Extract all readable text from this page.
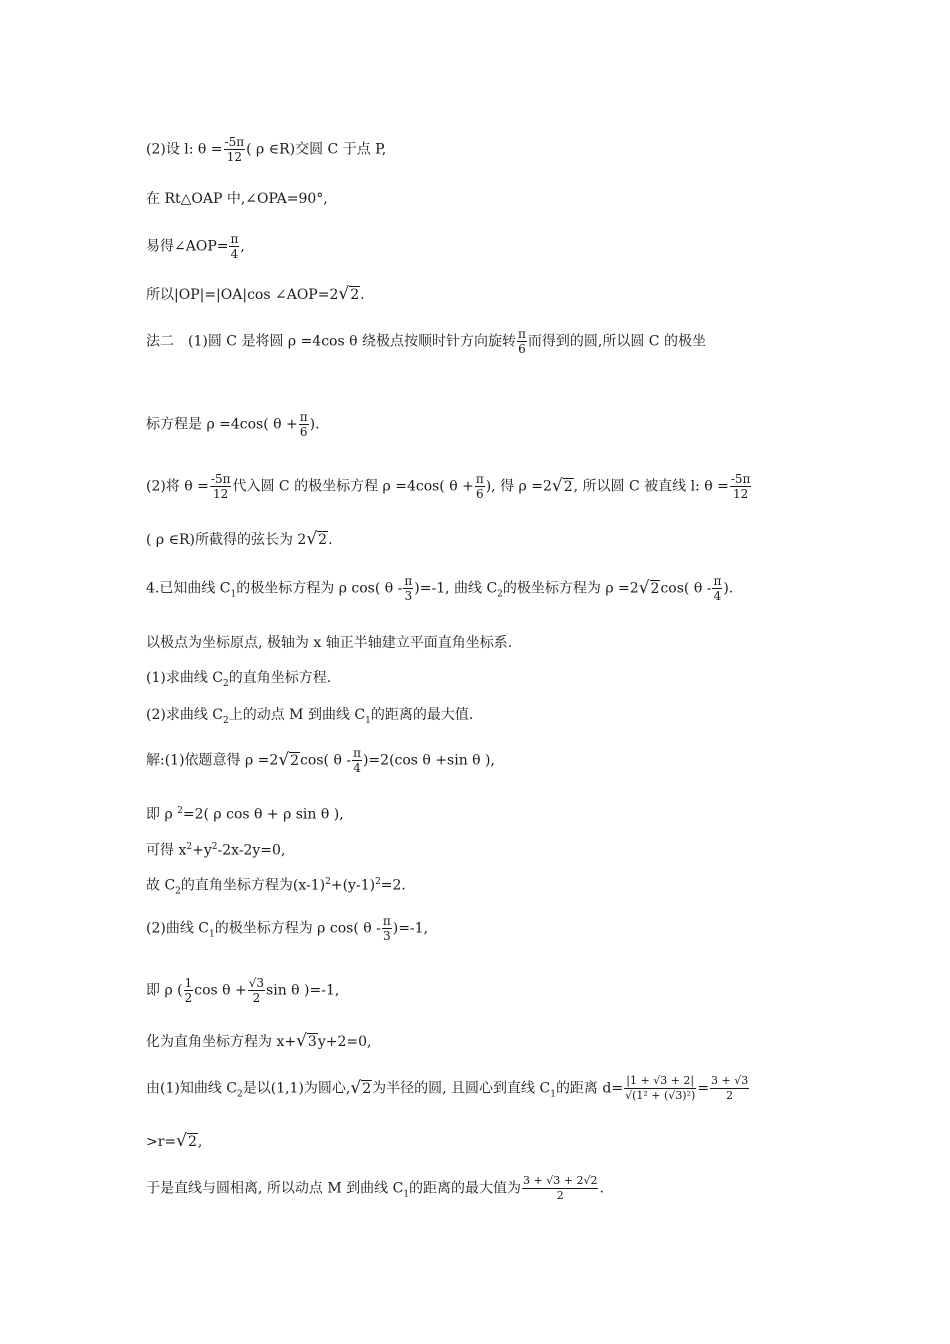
(2)设 l: $\theta = \frac{-5\pi}{12}$ ( ρ ∈R)交圆 C 于点 P,
在 Rt△OAP 中,∠OPA=90°,
易得∠AOP= $\frac{\pi}{4}$ ,
所以|OP|=|OA|cos ∠AOP=2√2.
法二　(1)圆 C 是将圆 ρ =4cos θ 绕极点按顺时针方向旋转 $\frac{\pi}{6}$ 而得到的圆,所以圆 C 的极坐
标方程是 ρ =4cos( $\theta + \frac{\pi}{6}$ ).
(2)将 $\theta = \frac{-5\pi}{12}$ 代入圆 C 的极坐标方程 ρ =4cos( $\theta + \frac{\pi}{6}$ ), 得 ρ =2√2, 所以圆 C 被直线 l: $\theta = \frac{-5\pi}{12}$
( ρ ∈R)所截得的弦长为 2√2.
4.已知曲线 $C_1$的极坐标方程为 ρ cos( $\theta - \frac{\pi}{3} )=-1$, 曲线 $C_2$的极坐标方程为 ρ =2√2cos( θ - $\frac{\pi}{4}$ ).
以极点为坐标原点, 极轴为 x 轴正半轴建立平面直角坐标系.
(1)求曲线 $C_2$的直角坐标方程.
(2)求曲线 $C_2$上的动点 M 到曲线 $C_1$的距离的最大值.
解:(1)依题意得 ρ =2√2cos( $\theta - \frac{\pi}{4} )=2(\cos$ θ +sin θ ),
即 ρ $^2$=2( ρ cos θ + ρ sin θ ),
可得 $x^2+y^2-2x-2y=0$,
故 $C_2$的直角坐标方程为$(x-1)^2+(y-1)^2=2$.
(2)曲线 $C_1$的极坐标方程为 ρ cos( $\theta - \frac{\pi}{3} )=-1$,
即 ρ ( $\frac{1}{2}$ $\cos \theta + \frac{√3}{2}$ sin θ )=-1,
化为直角坐标方程为 x+√3y+2=0,
由(1)知曲线 $C_2$是以(1,1)为圆心,√2为半径的圆, 且圆心到直线 $C_1$的距离 $d= \frac{|1 + √3 + 2|}{\text{√(1² + (√3)²)}} = \frac{3 + √3}{2}$
>r=√2,
于是直线与圆相离, 所以动点 M 到曲线 $C_1$的距离的最大值为 $\frac{3 + √3 + 2√2}{2}$ .
